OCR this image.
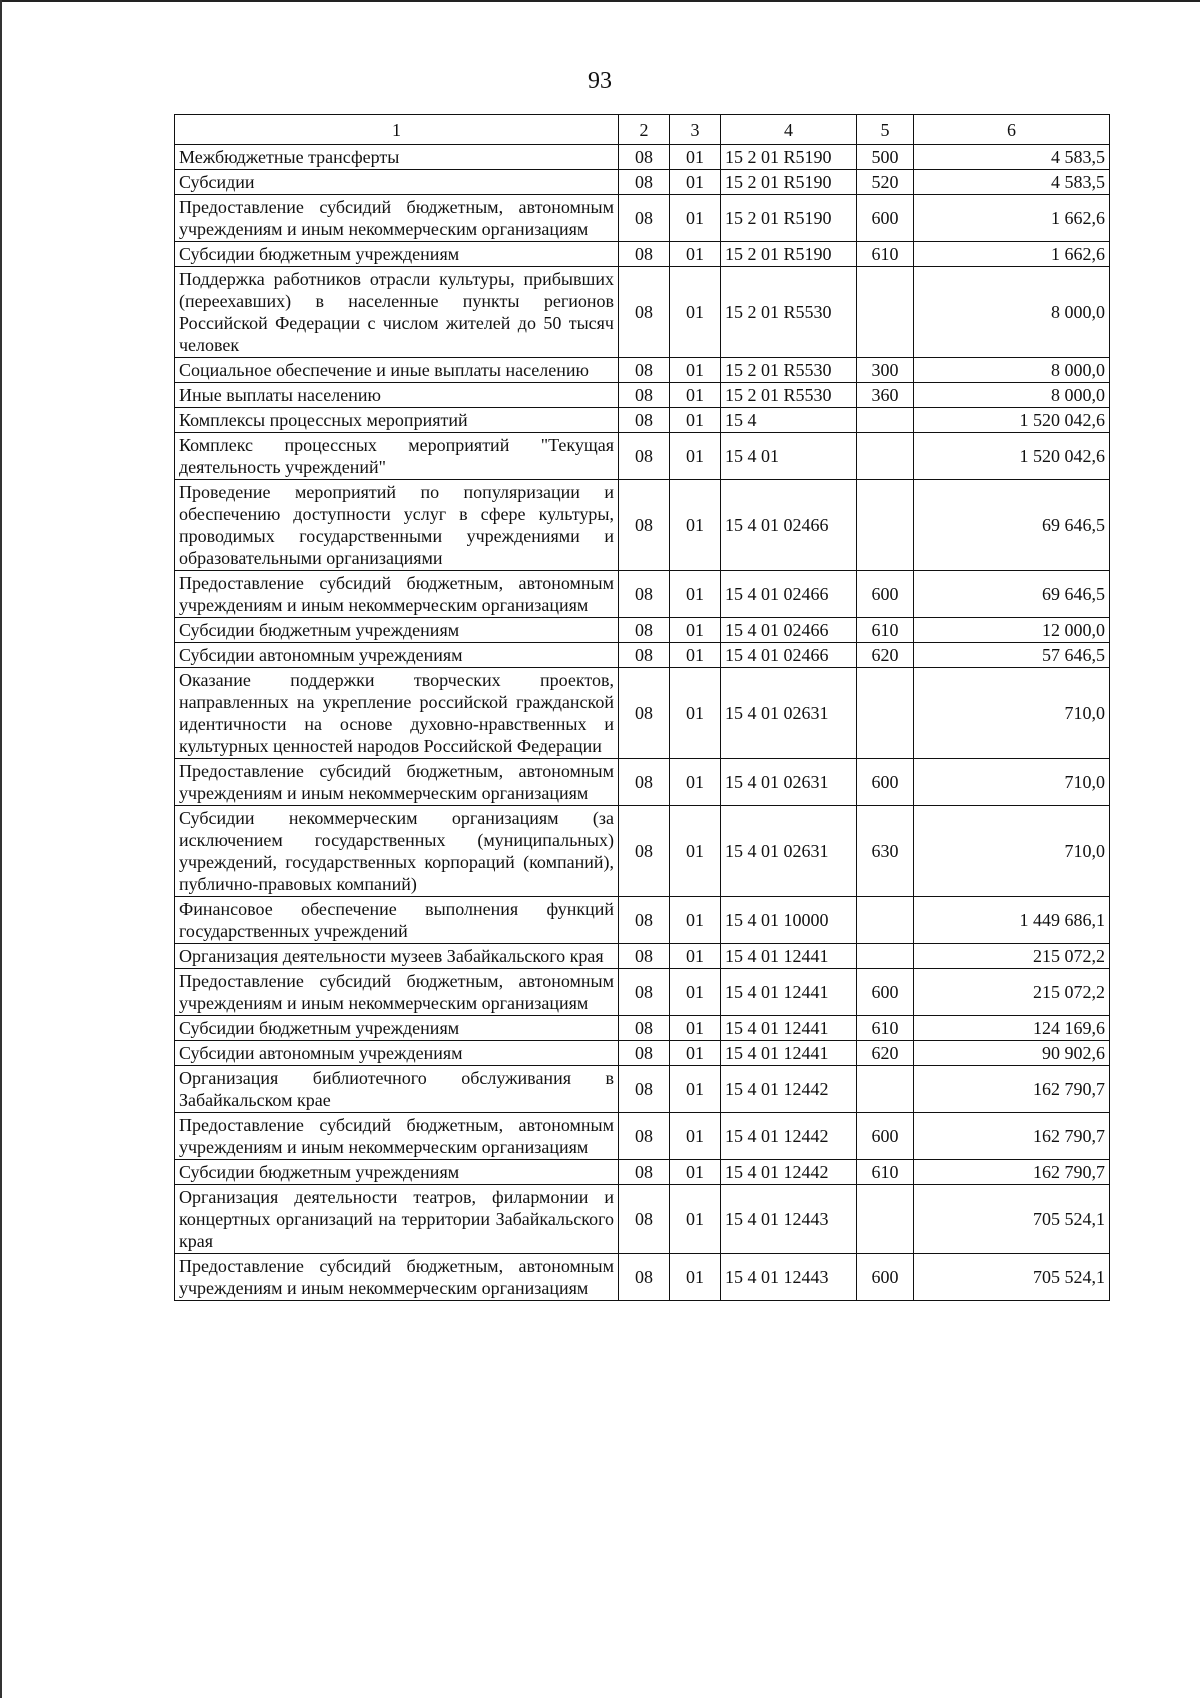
93
1	2	3	4	5	6
Межбюджетные трансферты	08	01	15 2 01 R5190	500	4 583,5
Субсидии	08	01	15 2 01 R5190	520	4 583,5
Предоставление субсидий бюджетным, автономным учреждениям и иным некоммерческим организациям	08	01	15 2 01 R5190	600	1 662,6
Субсидии бюджетным учреждениям	08	01	15 2 01 R5190	610	1 662,6
Поддержка работников отрасли культуры, прибывших (переехавших) в населенные пункты регионов Российской Федерации с числом жителей до 50 тысяч человек	08	01	15 2 01 R5530		8 000,0
Социальное обеспечение и иные выплаты населению	08	01	15 2 01 R5530	300	8 000,0
Иные выплаты населению	08	01	15 2 01 R5530	360	8 000,0
Комплексы процессных мероприятий	08	01	15 4		1 520 042,6
Комплекс процессных мероприятий "Текущая деятельность учреждений"	08	01	15 4 01		1 520 042,6
Проведение мероприятий по популяризации и обеспечению доступности услуг в сфере культуры, проводимых государственными учреждениями и образовательными организациями	08	01	15 4 01 02466		69 646,5
Предоставление субсидий бюджетным, автономным учреждениям и иным некоммерческим организациям	08	01	15 4 01 02466	600	69 646,5
Субсидии бюджетным учреждениям	08	01	15 4 01 02466	610	12 000,0
Субсидии автономным учреждениям	08	01	15 4 01 02466	620	57 646,5
Оказание поддержки творческих проектов, направленных на укрепление российской гражданской идентичности на основе духовно-нравственных и культурных ценностей народов Российской Федерации	08	01	15 4 01 02631		710,0
Предоставление субсидий бюджетным, автономным учреждениям и иным некоммерческим организациям	08	01	15 4 01 02631	600	710,0
Субсидии некоммерческим организациям (за исключением государственных (муниципальных) учреждений, государственных корпораций (компаний), публично-правовых компаний)	08	01	15 4 01 02631	630	710,0
Финансовое обеспечение выполнения функций государственных учреждений	08	01	15 4 01 10000		1 449 686,1
Организация деятельности музеев Забайкальского края	08	01	15 4 01 12441		215 072,2
Предоставление субсидий бюджетным, автономным учреждениям и иным некоммерческим организациям	08	01	15 4 01 12441	600	215 072,2
Субсидии бюджетным учреждениям	08	01	15 4 01 12441	610	124 169,6
Субсидии автономным учреждениям	08	01	15 4 01 12441	620	90 902,6
Организация библиотечного обслуживания в Забайкальском крае	08	01	15 4 01 12442		162 790,7
Предоставление субсидий бюджетным, автономным учреждениям и иным некоммерческим организациям	08	01	15 4 01 12442	600	162 790,7
Субсидии бюджетным учреждениям	08	01	15 4 01 12442	610	162 790,7
Организация деятельности театров, филармонии и концертных организаций на территории Забайкальского края	08	01	15 4 01 12443		705 524,1
Предоставление субсидий бюджетным, автономным учреждениям и иным некоммерческим организациям	08	01	15 4 01 12443	600	705 524,1
